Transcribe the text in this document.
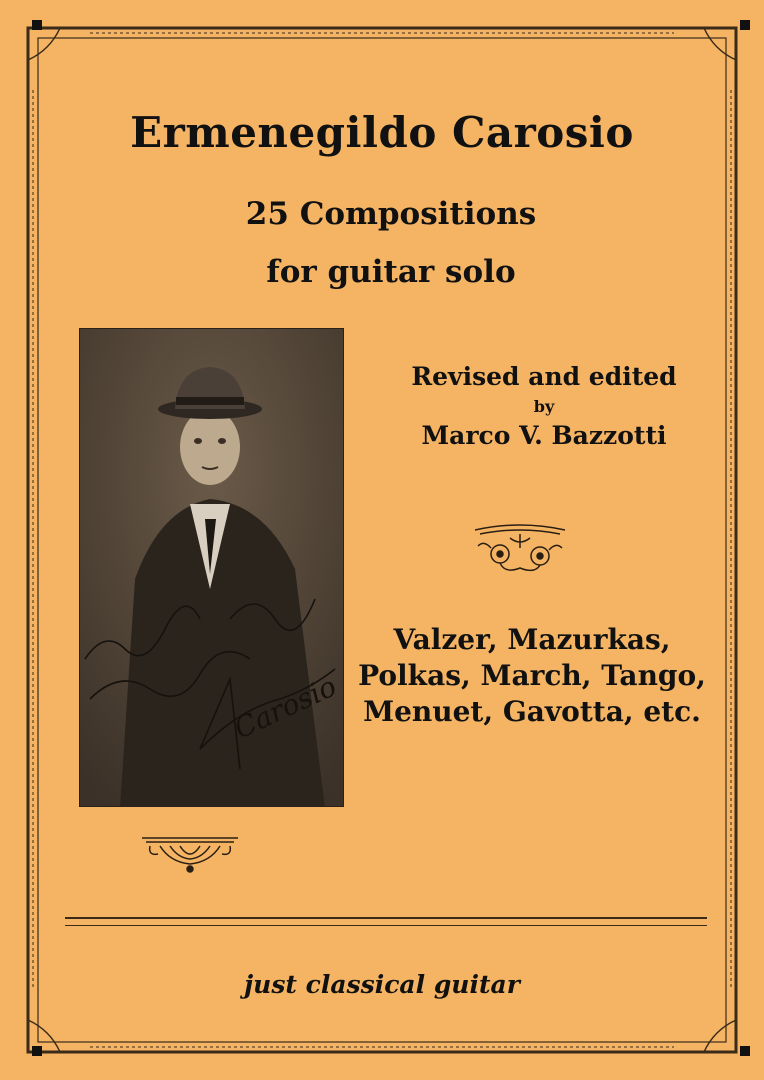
Ermenegildo Carosio
25 Compositions
for guitar solo
Carosio
Revised and edited
by
Marco V. Bazzotti
Valzer, Mazurkas,
Polkas, March, Tango,
Menuet, Gavotta, etc.
just classical guitar
